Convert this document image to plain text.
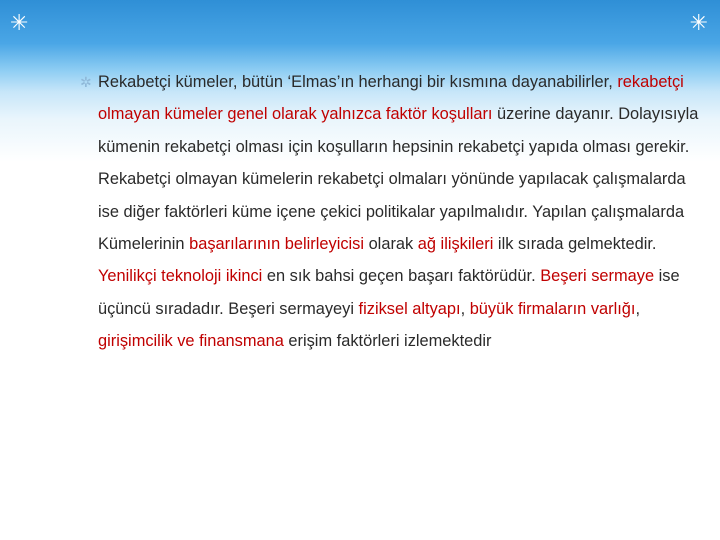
✳	✳

✲ Rekabetçi kümeler, bütün ‘Elmas’ın herhangi bir kısmına dayanabilirler, rekabetçi olmayan kümeler genel olarak yalnızca faktör koşulları üzerine dayanır. Dolayısıyla kümenin rekabetçi olması için koşulların hepsinin rekabetçi yapıda olması gerekir. Rekabetçi olmayan kümelerin rekabetçi olmaları yönünde yapılacak çalışmalarda ise diğer faktörleri küme içene çekici politikalar yapılmalıdır. Yapılan çalışmalarda Kümelerinin başarılarının belirleyicisi olarak ağ ilişkileri ilk sırada gelmektedir. Yenilikçi teknoloji ikinci en sık bahsi geçen başarı faktörüdür. Beşeri sermaye ise üçüncü sıradadır. Beşeri sermayeyi fiziksel altyapı, büyük firmaların varlığı, girişimcilik ve finansmana erişim faktörleri izlemektedir
